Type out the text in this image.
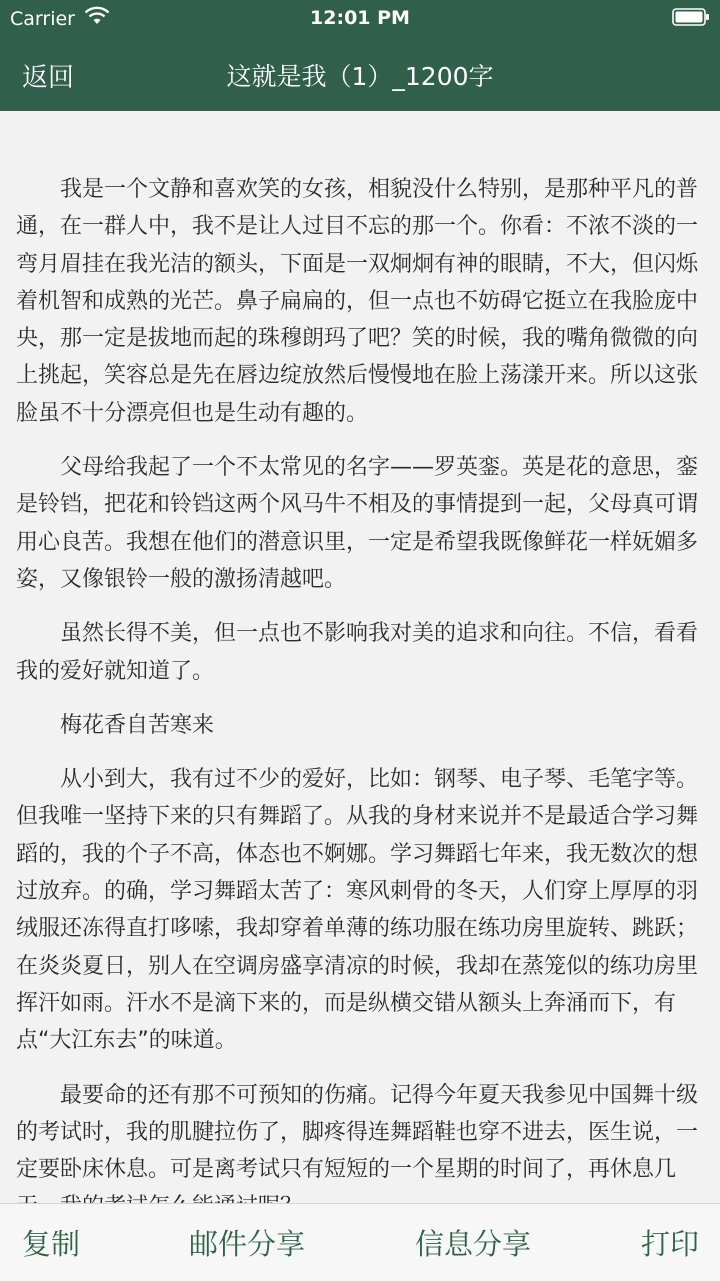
Carrier	12:01 PM
返回	这就是我（1）_1200字

我是一个文静和喜欢笑的女孩，相貌没什么特别，是那种平凡的普通，在一群人中，我不是让人过目不忘的那一个。你看：不浓不淡的一弯月眉挂在我光洁的额头，下面是一双炯炯有神的眼睛，不大，但闪烁着机智和成熟的光芒。鼻子扁扁的，但一点也不妨碍它挺立在我脸庞中央，那一定是拔地而起的珠穆朗玛了吧？笑的时候，我的嘴角微微的向上挑起，笑容总是先在唇边绽放然后慢慢地在脸上荡漾开来。所以这张脸虽不十分漂亮但也是生动有趣的。

父母给我起了一个不太常见的名字——罗英銮。英是花的意思，銮是铃铛，把花和铃铛这两个风马牛不相及的事情提到一起，父母真可谓用心良苦。我想在他们的潜意识里，一定是希望我既像鲜花一样妩媚多姿，又像银铃一般的激扬清越吧。

虽然长得不美，但一点也不影响我对美的追求和向往。不信，看看我的爱好就知道了。

梅花香自苦寒来

从小到大，我有过不少的爱好，比如：钢琴、电子琴、毛笔字等。但我唯一坚持下来的只有舞蹈了。从我的身材来说并不是最适合学习舞蹈的，我的个子不高，体态也不婀娜。学习舞蹈七年来，我无数次的想过放弃。的确，学习舞蹈太苦了：寒风刺骨的冬天，人们穿上厚厚的羽绒服还冻得直打哆嗦，我却穿着单薄的练功服在练功房里旋转、跳跃；在炎炎夏日，别人在空调房盛享清凉的时候，我却在蒸笼似的练功房里挥汗如雨。汗水不是滴下来的，而是纵横交错从额头上奔涌而下，有点“大江东去”的味道。

最要命的还有那不可预知的伤痛。记得今年夏天我参见中国舞十级的考试时，我的肌腱拉伤了，脚疼得连舞蹈鞋也穿不进去，医生说，一定要卧床休息。可是离考试只有短短的一个星期的时间了，再休息几

复制	邮件分享	信息分享	打印
